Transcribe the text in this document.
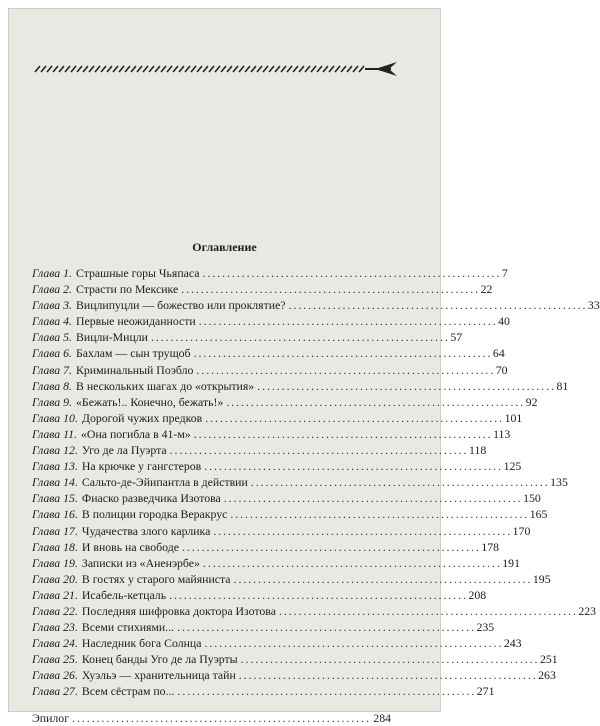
Оглавление
Глава 1. Страшные горы Чьяпаса . . .	7
Глава 2. Страсти по Мексике . . .	22
Глава 3. Вицлипуцли — божество или проклятие? . . .	33
Глава 4. Первые неожиданности . . .	40
Глава 5. Вицли-Мицли . . .	57
Глава 6. Бахлам — сын трущоб . . .	64
Глава 7. Криминальный Поэбло . . .	70
Глава 8. В нескольких шагах до «открытия» . . .	81
Глава 9. «Бежать!.. Конечно, бежать!» . . .	92
Глава 10. Дорогой чужих предков . . .	101
Глава 11. «Она погибла в 41-м» . . .	113
Глава 12. Уго де ла Пуэрта . . .	118
Глава 13. На крючке у гангстеров . . .	125
Глава 14. Сальто-де-Эйипантла в действии . . .	135
Глава 15. Фиаско разведчика Изотова . . .	150
Глава 16. В полиции городка Веракрус . . .	165
Глава 17. Чудачества злого карлика . . .	170
Глава 18. И вновь на свободе . . .	178
Глава 19. Записки из «Аненэрбе» . . .	191
Глава 20. В гостях у старого майяниста . . .	195
Глава 21. Исабель-кетцаль . . .	208
Глава 22. Последняя шифровка доктора Изотова . . .	223
Глава 23. Всеми стихиями... . . .	235
Глава 24. Наследник бога Солнца . . .	243
Глава 25. Конец банды Уго де ла Пуэрты . . .	251
Глава 26. Хуэльэ — хранительница тайн . . .	263
Глава 27. Всем сёстрам по... . . .	271
Эпилог . . .	284
